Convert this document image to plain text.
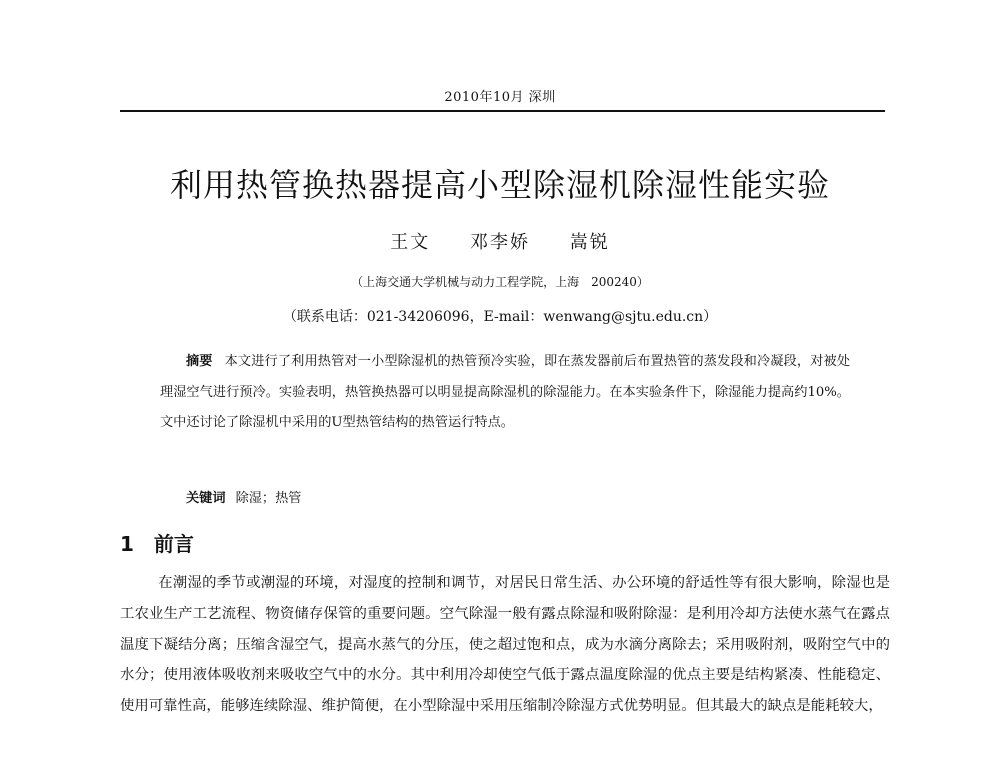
2010年10月 深圳
利用热管换热器提高小型除湿机除湿性能实验
王文 邓李娇 嵩锐
（上海交通大学机械与动力工程学院，上海　200240）
（联系电话：021-34206096，E-mail：wenwang@sjtu.edu.cn）
摘要 本文进行了利用热管对一小型除湿机的热管预冷实验，即在蒸发器前后布置热管的蒸发段和冷凝段，对被处理湿空气进行预冷。实验表明，热管换热器可以明显提高除湿机的除湿能力。在本实验条件下，除湿能力提高约10%。文中还讨论了除湿机中采用的U型热管结构的热管运行特点。
关键词 除湿；热管
1 前言
在潮湿的季节或潮湿的环境，对湿度的控制和调节，对居民日常生活、办公环境的舒适性等有很大影响，除湿也是工农业生产工艺流程、物资储存保管的重要问题。空气除湿一般有露点除湿和吸附除湿：是利用冷却方法使水蒸气在露点温度下凝结分离；压缩含湿空气，提高水蒸气的分压，使之超过饱和点，成为水滴分离除去；采用吸附剂，吸附空气中的水分；使用液体吸收剂来吸收空气中的水分。其中利用冷却使空气低于露点温度除湿的优点主要是结构紧凑、性能稳定、使用可靠性高，能够连续除湿、维护简便，在小型除湿中采用压缩制冷除湿方式优势明显。但其最大的缺点是能耗较大，
